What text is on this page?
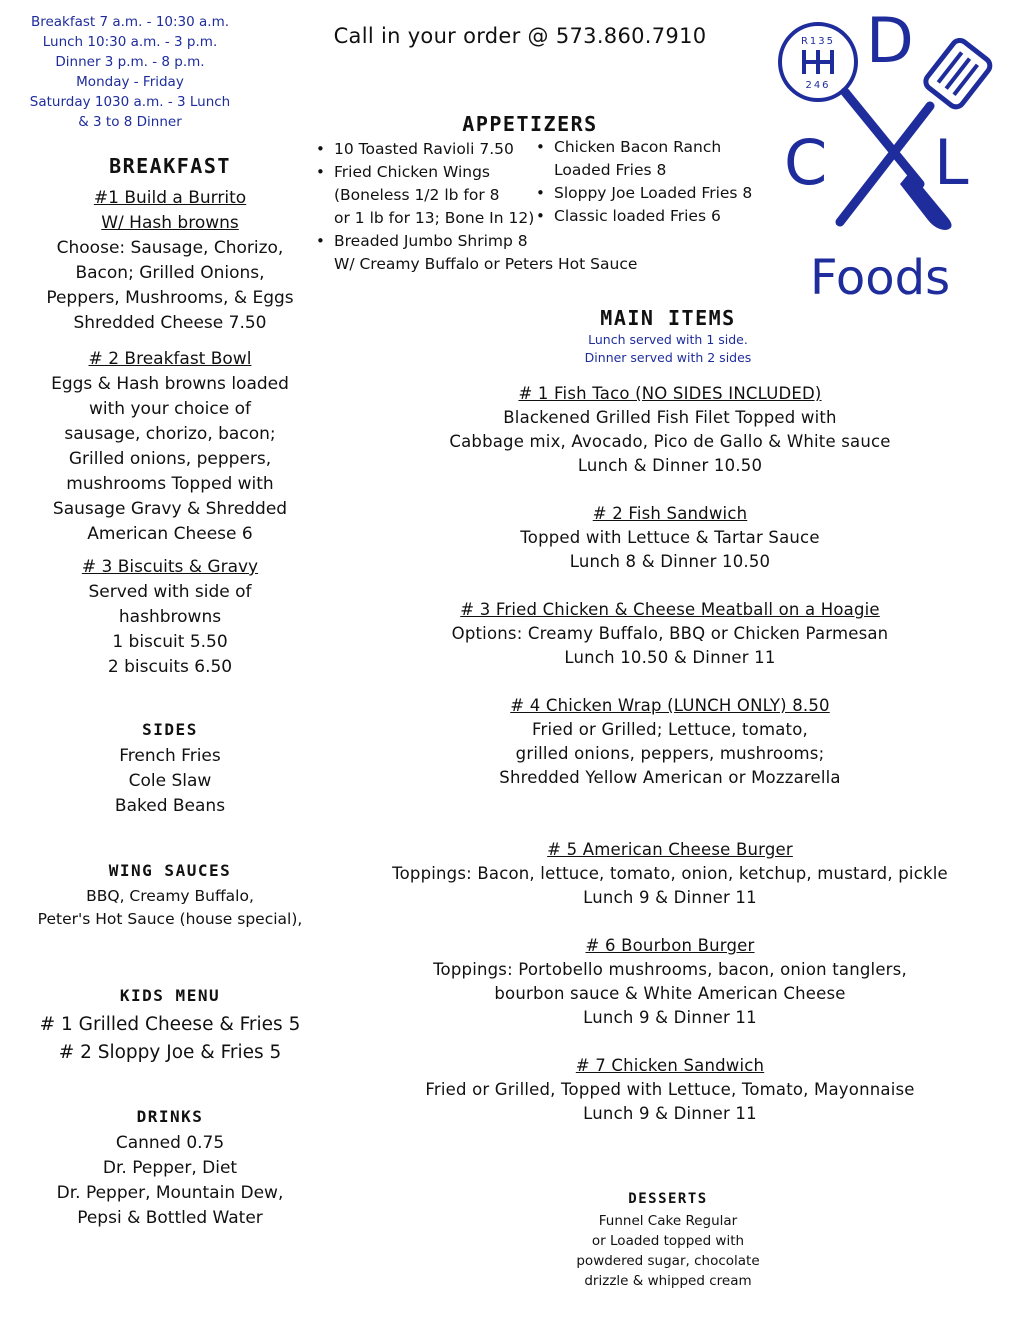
Breakfast 7 a.m. - 10:30 a.m.
Lunch 10:30 a.m. - 3 p.m.
Dinner 3 p.m. - 8 p.m.
Monday - Friday
Saturday 1030 a.m. - 3 Lunch
& 3 to 8 Dinner
Call in your order @ 573.860.7910	R135
246
D
C L
Foods
BREAKFAST
#1 Build a Burrito
W/ Hash browns
Choose: Sausage, Chorizo,
Bacon; Grilled Onions,
Peppers, Mushrooms, & Eggs
Shredded Cheese 7.50
# 2 Breakfast Bowl
Eggs & Hash browns loaded
with your choice of
sausage, chorizo, bacon;
Grilled onions, peppers,
mushrooms Topped with
Sausage Gravy & Shredded
American Cheese 6
# 3 Biscuits & Gravy
Served with side of
hashbrowns
1 biscuit 5.50
2 biscuits 6.50
SIDES
French Fries
Cole Slaw
Baked Beans
WING SAUCES
BBQ, Creamy Buffalo,
Peter's Hot Sauce (house special),
KIDS MENU
# 1 Grilled Cheese & Fries 5
# 2 Sloppy Joe & Fries 5
DRINKS
Canned 0.75
Dr. Pepper, Diet
Dr. Pepper, Mountain Dew,
Pepsi & Bottled Water
APPETIZERS
• 10 Toasted Ravioli 7.50
• Fried Chicken Wings
(Boneless 1/2 lb for 8
or 1 lb for 13; Bone In 12)
• Breaded Jumbo Shrimp 8
W/ Creamy Buffalo or Peters Hot Sauce
• Chicken Bacon Ranch
Loaded Fries 8
• Sloppy Joe Loaded Fries 8
• Classic loaded Fries 6
MAIN ITEMS
Lunch served with 1 side.
Dinner served with 2 sides
# 1 Fish Taco (NO SIDES INCLUDED)
Blackened Grilled Fish Filet Topped with
Cabbage mix, Avocado, Pico de Gallo & White sauce
Lunch & Dinner 10.50
# 2 Fish Sandwich
Topped with Lettuce & Tartar Sauce
Lunch 8 & Dinner 10.50
# 3 Fried Chicken & Cheese Meatball on a Hoagie
Options: Creamy Buffalo, BBQ or Chicken Parmesan
Lunch 10.50 & Dinner 11
# 4 Chicken Wrap (LUNCH ONLY) 8.50
Fried or Grilled; Lettuce, tomato,
grilled onions, peppers, mushrooms;
Shredded Yellow American or Mozzarella
# 5 American Cheese Burger
Toppings: Bacon, lettuce, tomato, onion, ketchup, mustard, pickle
Lunch 9 & Dinner 11
# 6 Bourbon Burger
Toppings: Portobello mushrooms, bacon, onion tanglers,
bourbon sauce & White American Cheese
Lunch 9 & Dinner 11
# 7 Chicken Sandwich
Fried or Grilled, Topped with Lettuce, Tomato, Mayonnaise
Lunch 9 & Dinner 11
DESSERTS
Funnel Cake Regular
or Loaded topped with
powdered sugar, chocolate
drizzle & whipped cream
